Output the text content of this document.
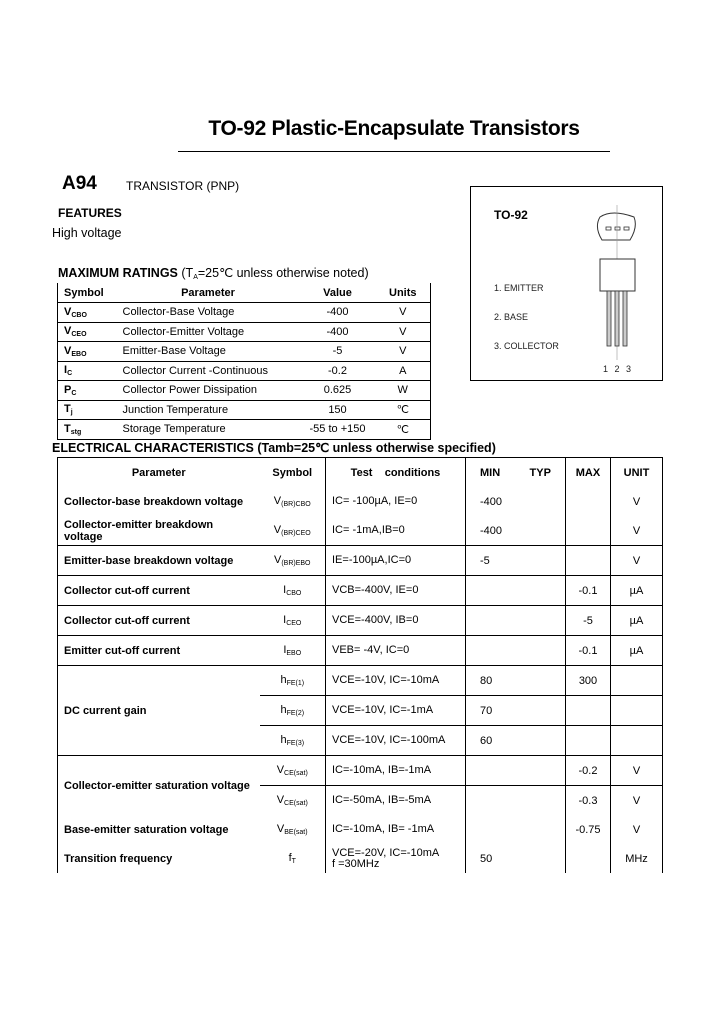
TO-92 Plastic-Encapsulate Transistors
A94 TRANSISTOR (PNP)
FEATURES
High voltage
TO-92
1. EMITTER
2. BASE
3. COLLECTOR
1 2 3
MAXIMUM RATINGS ($T_A=25℃$ unless otherwise noted)
Symbol	Parameter	Value	Units
$V_{CBO}$	Collector-Base Voltage	-400	V
$V_{CEO}$	Collector-Emitter Voltage	-400	V
$V_{EBO}$	Emitter-Base Voltage	-5	V
$I_C$	Collector Current -Continuous	-0.2	A
$P_C$	Collector Power Dissipation	0.625	W
$T_j$	Junction Temperature	150	℃
$T_{stg}$	Storage Temperature	-55 to +150	℃
ELECTRICAL CHARACTERISTICS (Tamb=25℃ unless otherwise specified)
Parameter	Symbol	Test    conditions	MIN	TYP	MAX	UNIT
Collector-base breakdown voltage	$V_{(BR)CBO}$	IC= -100µA, IE=0	-400			V
Collector-emitter breakdown voltage	$V_{(BR)CEO}$	IC= -1mA,IB=0	-400			V
Emitter-base breakdown voltage	$V_{(BR)EBO}$	IE=-100µA,IC=0	-5			V
Collector cut-off current	$I_{CBO}$	VCB=-400V, IE=0			-0.1	µA
Collector cut-off current	$I_{CEO}$	VCE=-400V, IB=0			-5	µA
Emitter cut-off current	$I_{EBO}$	VEB= -4V, IC=0			-0.1	µA
DC current gain	$h_{FE(1)}$	VCE=-10V, IC=-10mA	80		300	
	$h_{FE(2)}$	VCE=-10V, IC=-1mA	70			
	$h_{FE(3)}$	VCE=-10V, IC=-100mA	60			
Collector-emitter saturation voltage	$V_{CE(sat)}$	IC=-10mA, IB=-1mA			-0.2	V
	$V_{CE(sat)}$	IC=-50mA, IB=-5mA			-0.3	V
Base-emitter saturation voltage	$V_{BE(sat)}$	IC=-10mA, IB= -1mA			-0.75	V
Transition frequency	$f_T$	VCE=-20V, IC=-10mA
f =30MHz	50			MHz
